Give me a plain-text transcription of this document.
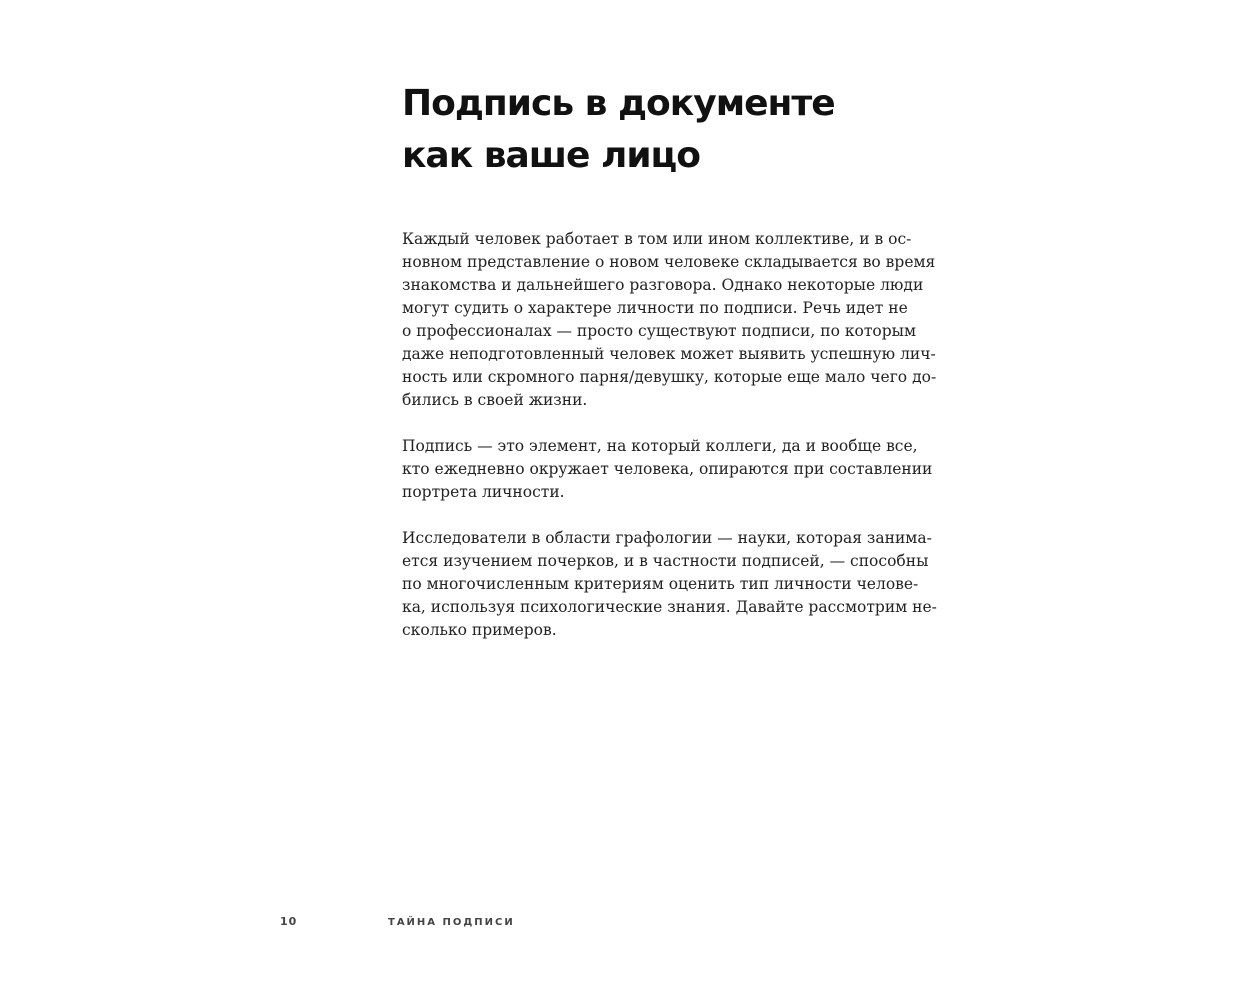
Подпись в документе
как ваше лицо
Каждый человек работает в том или ином коллективе, и в ос-
новном представление о новом человеке складывается во время
знакомства и дальнейшего разговора. Однако некоторые люди
могут судить о характере личности по подписи. Речь идет не
о профессионалах — просто существуют подписи, по которым
даже неподготовленный человек может выявить успешную лич-
ность или скромного парня/девушку, которые еще мало чего до-
бились в своей жизни.
Подпись — это элемент, на который коллеги, да и вообще все,
кто ежедневно окружает человека, опираются при составлении
портрета личности.
Исследователи в области графологии — науки, которая занима-
ется изучением почерков, и в частности подписей, — способны
по многочисленным критериям оценить тип личности челове-
ка, используя психологические знания. Давайте рассмотрим не-
сколько примеров.
10	ТАЙНА ПОДПИСИ
